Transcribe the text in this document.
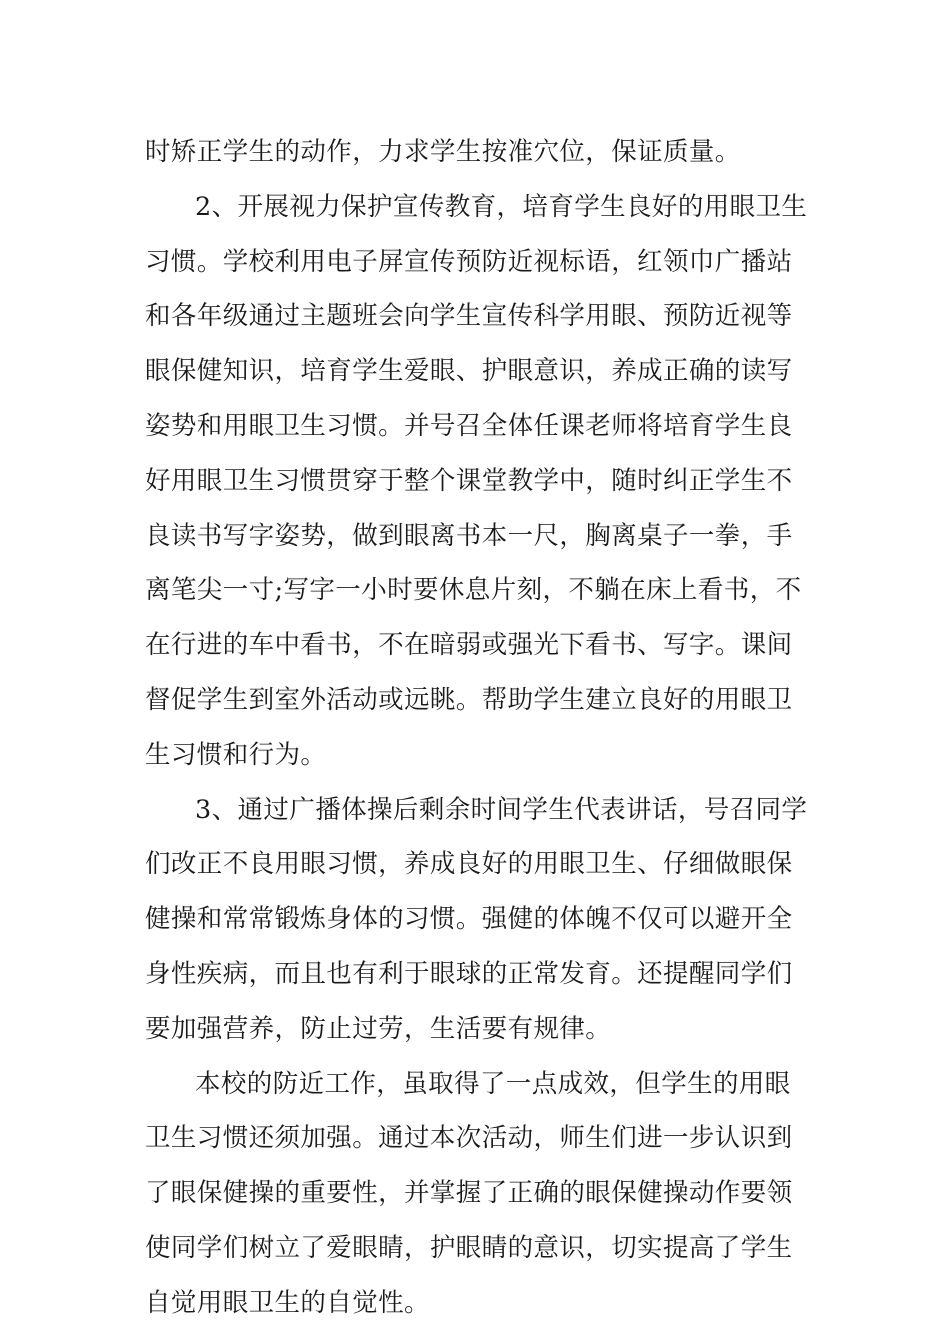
时矫正学生的动作，力求学生按准穴位，保证质量。
2、开展视力保护宣传教育，培育学生良好的用眼卫生
习惯。学校利用电子屏宣传预防近视标语，红领巾广播站
和各年级通过主题班会向学生宣传科学用眼、预防近视等
眼保健知识，培育学生爱眼、护眼意识，养成正确的读写
姿势和用眼卫生习惯。并号召全体任课老师将培育学生良
好用眼卫生习惯贯穿于整个课堂教学中，随时纠正学生不
良读书写字姿势，做到眼离书本一尺，胸离桌子一拳，手
离笔尖一寸;写字一小时要休息片刻，不躺在床上看书，不
在行进的车中看书，不在暗弱或强光下看书、写字。课间
督促学生到室外活动或远眺。帮助学生建立良好的用眼卫
生习惯和行为。
3、通过广播体操后剩余时间学生代表讲话，号召同学
们改正不良用眼习惯，养成良好的用眼卫生、仔细做眼保
健操和常常锻炼身体的习惯。强健的体魄不仅可以避开全
身性疾病，而且也有利于眼球的正常发育。还提醒同学们
要加强营养，防止过劳，生活要有规律。
本校的防近工作，虽取得了一点成效，但学生的用眼
卫生习惯还须加强。通过本次活动，师生们进一步认识到
了眼保健操的重要性，并掌握了正确的眼保健操动作要领
使同学们树立了爱眼睛，护眼睛的意识，切实提高了学生
自觉用眼卫生的自觉性。
